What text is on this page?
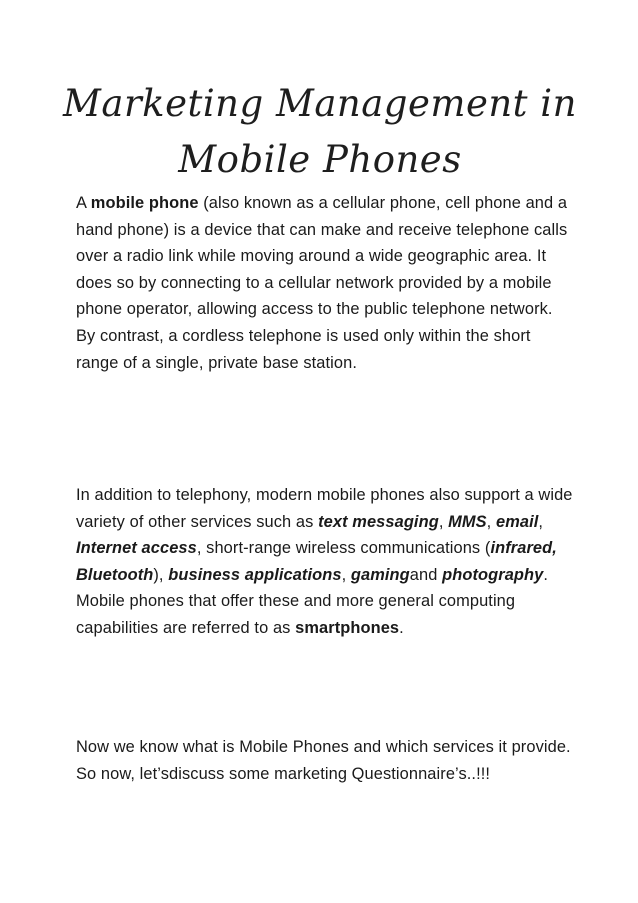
Marketing Management in
Mobile Phones

A mobile phone (also known as a cellular phone, cell phone and a hand phone) is a device that can make and receive telephone calls over a radio link while moving around a wide geographic area. It does so by connecting to a cellular network provided by a mobile phone operator, allowing access to the public telephone network. By contrast, a cordless telephone is used only within the short range of a single, private base station.

In addition to telephony, modern mobile phones also support a wide variety of other services such as text messaging, MMS, email, Internet access, short-range wireless communications (infrared, Bluetooth), business applications, gamingand photography. Mobile phones that offer these and more general computing capabilities are referred to as smartphones.

Now we know what is Mobile Phones and which services it provide. So now, let’sdiscuss some marketing Questionnaire’s..!!!
